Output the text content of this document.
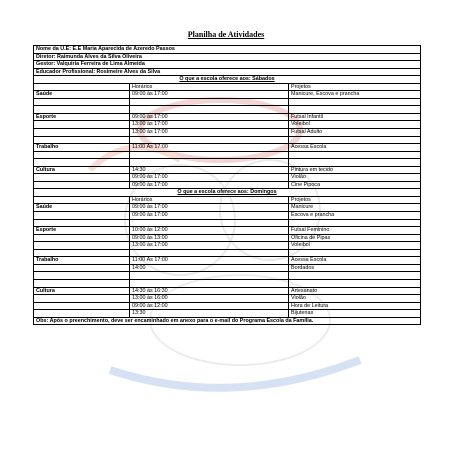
Planilha de Atividades
Nome da U.E: E.E Maria Aparecida de Azeredo Passos		
Diretor: Raimunda Alves da Silva Oliveira		
Gestor: Valquiria Ferreira de Lima Almeida		
Educador Profissional: Rosimeire Alves da Silva		
O que a escola oferece aos: Sábados		
	Horários	Projetos
Saúde	09:00 às 17:00	Manicure, Escova e prancha

Esporte	09:00 às 17:00	Futsal Infantil
	13:00 às 17:00	Voleibol
	13:00 às 17:00	Futsal Adulto

Trabalho	11:00 Às 17:00	Acessa Escola

Cultura	14:30	Pintura em tecido
	09:00 às 17:00	Violão
	09:00 às 17:00	Cine Pipoca
O que a escola oferece aos: Domingos		
	Horários	Projetos
Saúde	09:00 às 17:00	Manicure
	09:00 às 17:00	Escova e prancha

Esporte	10:00 às 12:00	Futsal Feminino
	09:00 às 13:00	Oficina de Pipas
	13:00 às 17:00	Voleibol

Trabalho	11:00 Às 17:00	Acessa Escola
	14:00	Bordados

Cultura	14:30 às 16:30	Artesanato
	13:00 às 16:00	Violão
	09:00 às 12:00	Hora de Leitura
	13:30	Bijuterias
Obs: Após o preenchimento, deve ser encaminhado em anexo para o e-mail do Programa Escola da Família.		
